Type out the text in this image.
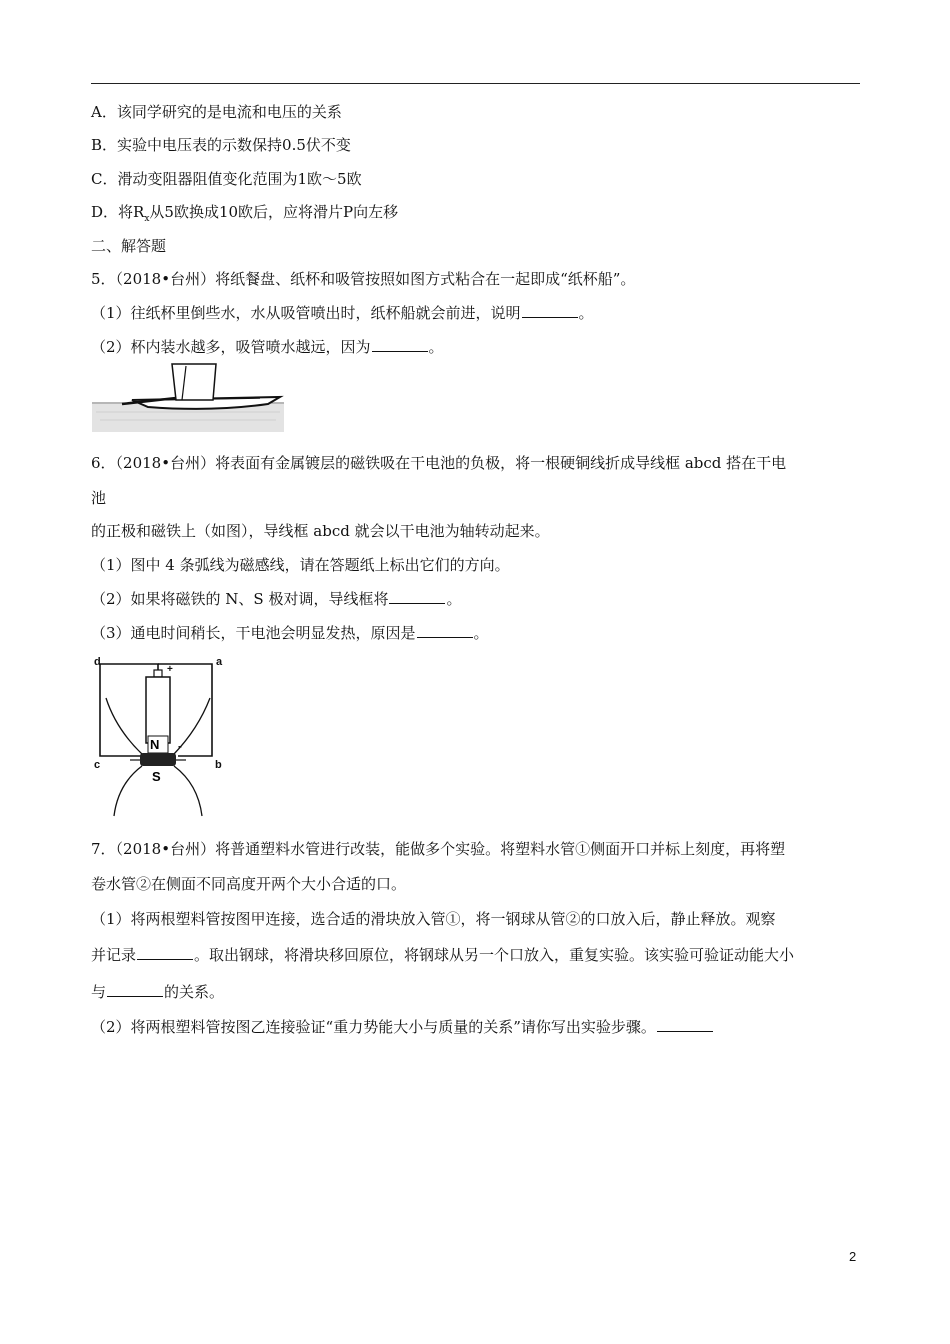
A．该同学研究的是电流和电压的关系
B．实验中电压表的示数保持0.5伏不变
C．滑动变阻器阻值变化范围为1欧～5欧
D．将$R_x$从5欧换成10欧后，应将滑片P向左移
二、解答题
5．（2018•台州）将纸餐盘、纸杯和吸管按照如图方式粘合在一起即成“纸杯船”。
（1）往纸杯里倒些水，水从吸管喷出时，纸杯船就会前进，说明	。
（2）杯内装水越多，吸管喷水越远，因为	。
6．（2018•台州）将表面有金属镀层的磁铁吸在干电池的负极，将一根硬铜线折成导线框 abcd 搭在干电
池
的正极和磁铁上（如图），导线框 abcd 就会以干电池为轴转动起来。
（1）图中 4 条弧线为磁感线，请在答题纸上标出它们的方向。
（2）如果将磁铁的 N、S 极对调，导线框将	。
（3）通电时间稍长，干电池会明显发热，原因是	。
d	a
c	b
+
-
N
S
7．（2018•台州）将普通塑料水管进行改装，能做多个实验。将塑料水管①侧面开口并标上刻度，再将塑
卷水管②在侧面不同高度开两个大小合适的口。
（1）将两根塑料管按图甲连接，选合适的滑块放入管①，将一钢球从管②的口放入后，静止释放。观察
并记录	。取出钢球，将滑块移回原位，将钢球从另一个口放入，重复实验。该实验可验证动能大小
与	的关系。
（2）将两根塑料管按图乙连接验证“重力势能大小与质量的关系”请你写出实验步骤。
2
